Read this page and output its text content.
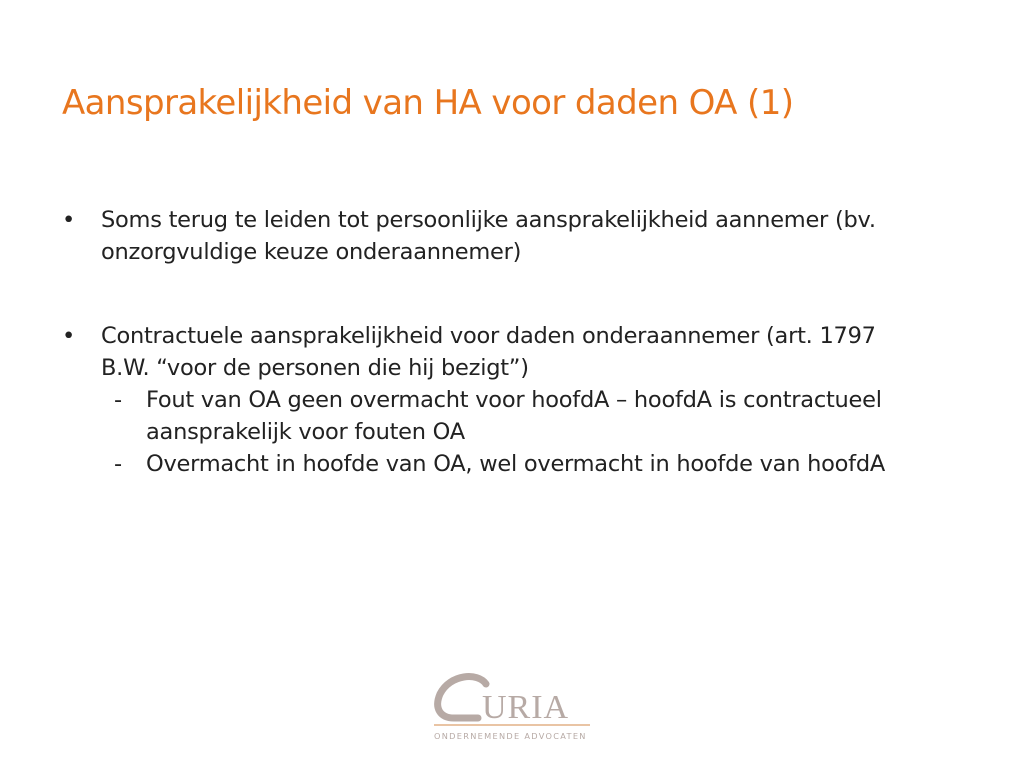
Aansprakelijkheid van HA voor daden OA (1)
• Soms terug te leiden tot persoonlijke aansprakelijkheid aannemer (bv. onzorgvuldige keuze onderaannemer)
• Contractuele aansprakelijkheid voor daden onderaannemer (art. 1797 B.W. “voor de personen die hij bezigt”)
- Fout van OA geen overmacht voor hoofdA – hoofdA is contractueel aansprakelijk voor fouten OA
- Overmacht in hoofde van OA, wel overmacht in hoofde van hoofdA
URIA
ONDERNEMENDE ADVOCATEN
